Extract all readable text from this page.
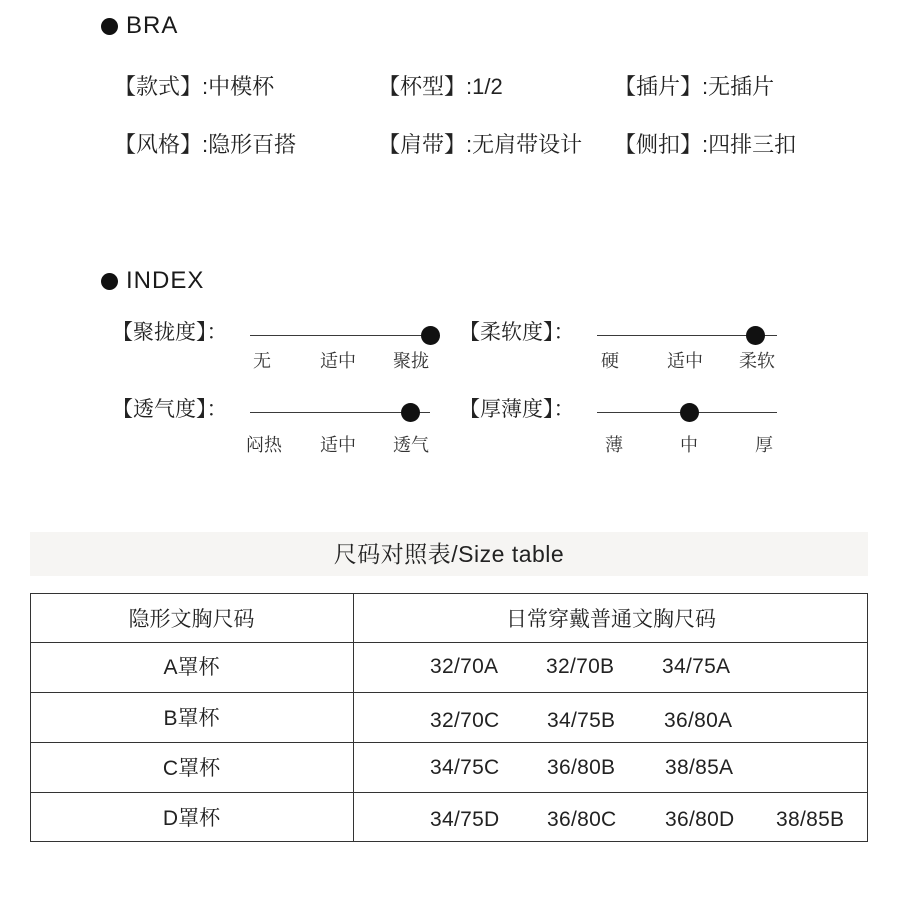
BRA
【款式】:中模杯	【杯型】:1/2	【插片】:无插片
【风格】:隐形百搭	【肩带】:无肩带设计 【侧扣】:四排三扣
INDEX
【聚拢度】：
无	适中	聚拢
【柔软度】：
硬	适中	柔软
【透气度】：
闷热	适中	透气
【厚薄度】：
薄	中	厚
尺码对照表/Size table
隐形文胸尺码	日常穿戴普通文胸尺码
A罩杯	32/70A 32/70B 34/75A
B罩杯	32/70C 34/75B 36/80A
C罩杯	34/75C 36/80B 38/85A
D罩杯	34/75D 36/80C 36/80D 38/85B
